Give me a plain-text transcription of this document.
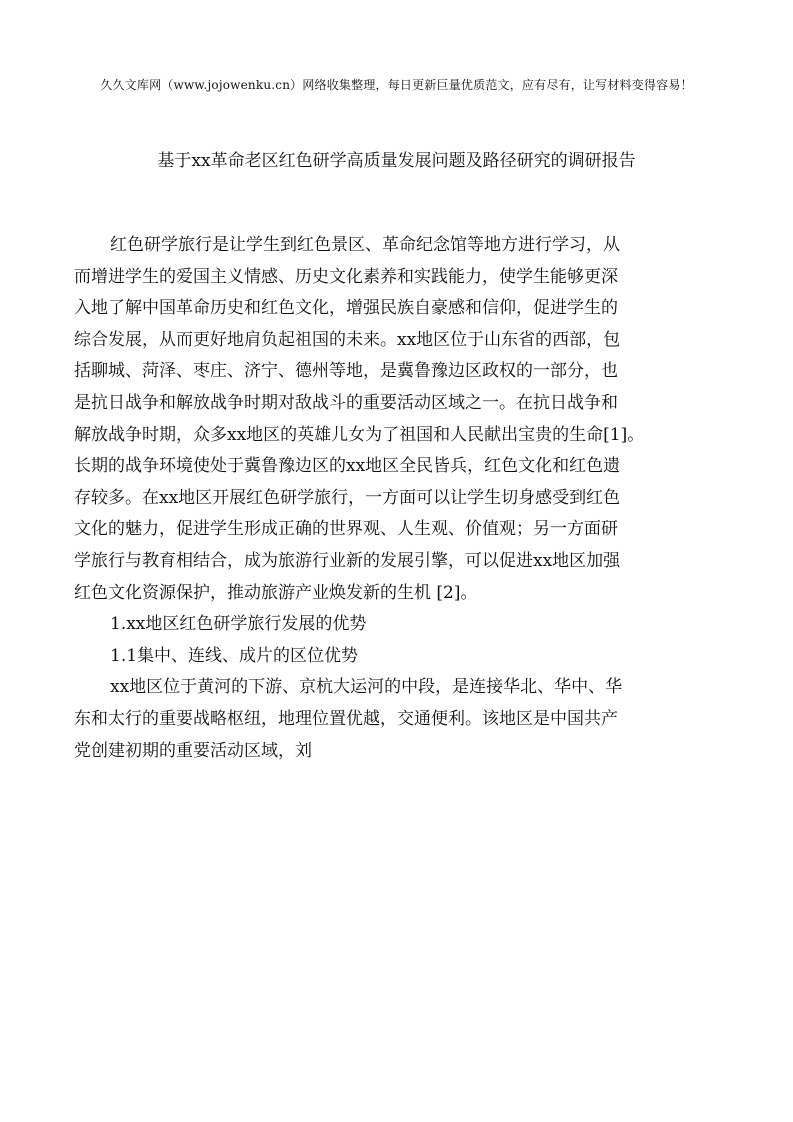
久久文库网（www.jojowenku.cn）网络收集整理，每日更新巨量优质范文，应有尽有，让写材料变得容易！
基于xx革命老区红色研学高质量发展问题及路径研究的调研报告
红色研学旅行是让学生到红色景区、革命纪念馆等地方进行学习，从
而增进学生的爱国主义情感、历史文化素养和实践能力，使学生能够更深
入地了解中国革命历史和红色文化，增强民族自豪感和信仰，促进学生的
综合发展，从而更好地肩负起祖国的未来。xx地区位于山东省的西部，包
括聊城、菏泽、枣庄、济宁、德州等地，是冀鲁豫边区政权的一部分，也
是抗日战争和解放战争时期对敌战斗的重要活动区域之一。在抗日战争和
解放战争时期，众多xx地区的英雄儿女为了祖国和人民献出宝贵的生命[1]。
长期的战争环境使处于冀鲁豫边区的xx地区全民皆兵，红色文化和红色遗
存较多。在xx地区开展红色研学旅行，一方面可以让学生切身感受到红色
文化的魅力，促进学生形成正确的世界观、人生观、价值观；另一方面研
学旅行与教育相结合，成为旅游行业新的发展引擎，可以促进xx地区加强
红色文化资源保护，推动旅游产业焕发新的生机 [2]。
1.xx地区红色研学旅行发展的优势
1.1集中、连线、成片的区位优势
xx地区位于黄河的下游、京杭大运河的中段，是连接华北、华中、华
东和太行的重要战略枢纽，地理位置优越，交通便利。该地区是中国共产
党创建初期的重要活动区域，刘
